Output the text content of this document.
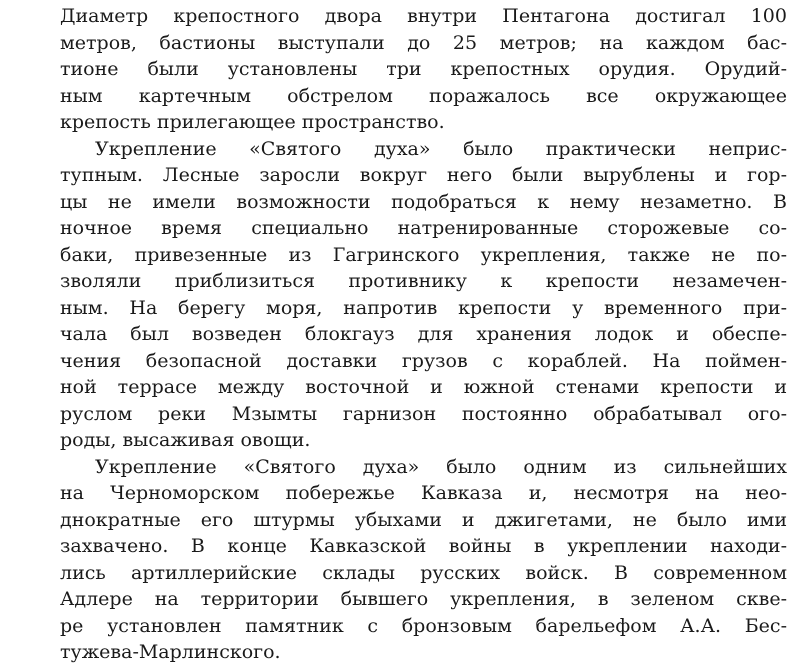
Диаметр крепостного двора внутри Пентагона достигал 100
метров, бастионы выступали до 25 метров; на каждом бас-
тионе были установлены три крепостных орудия. Орудий-
ным картечным обстрелом поражалось все окружающее
крепость прилегающее пространство.
Укрепление «Святого духа» было практически неприс-
тупным. Лесные заросли вокруг него были вырублены и гор-
цы не имели возможности подобраться к нему незаметно. В
ночное время специально натренированные сторожевые со-
баки, привезенные из Гагринского укрепления, также не по-
зволяли приблизиться противнику к крепости незамечен-
ным. На берегу моря, напротив крепости у временного при-
чала был возведен блокгауз для хранения лодок и обеспе-
чения безопасной доставки грузов с кораблей. На поймен-
ной террасе между восточной и южной стенами крепости и
руслом реки Мзымты гарнизон постоянно обрабатывал ого-
роды, высаживая овощи.
Укрепление «Святого духа» было одним из сильнейших
на Черноморском побережье Кавказа и, несмотря на нео-
днократные его штурмы убыхами и джигетами, не было ими
захвачено. В конце Кавказской войны в укреплении находи-
лись артиллерийские склады русских войск. В современном
Адлере на территории бывшего укрепления, в зеленом скве-
ре установлен памятник с бронзовым барельефом А.А. Бес-
тужева-Марлинского.
